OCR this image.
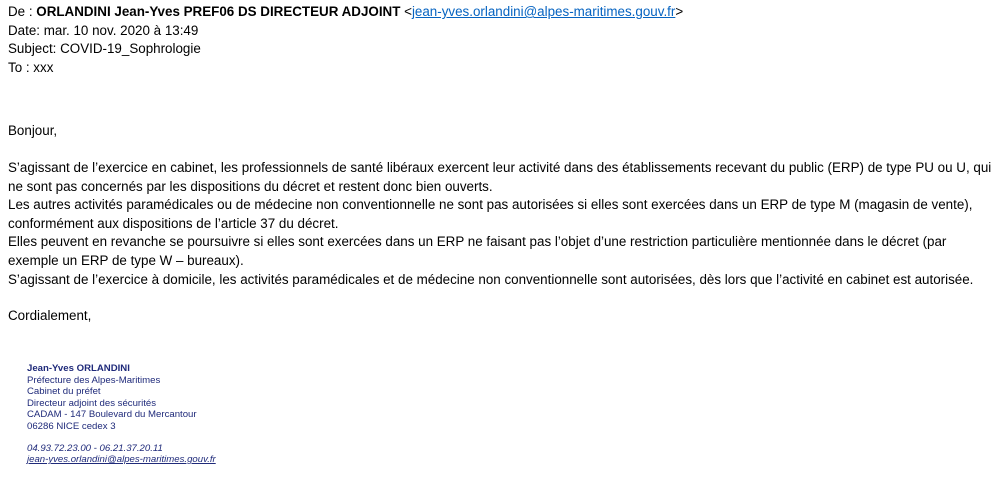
De : ORLANDINI Jean-Yves PREF06 DS DIRECTEUR ADJOINT <jean-yves.orlandini@alpes-maritimes.gouv.fr>
Date: mar. 10 nov. 2020 à 13:49
Subject: COVID-19_Sophrologie
To : xxx
Bonjour,

S’agissant de l’exercice en cabinet, les professionnels de santé libéraux exercent leur activité dans des établissements recevant du public (ERP) de type PU ou U, qui ne sont pas concernés par les dispositions du décret et restent donc bien ouverts.

Les autres activités paramédicales ou de médecine non conventionnelle ne sont pas autorisées si elles sont exercées dans un ERP de type M (magasin de vente), conformément aux dispositions de l’article 37 du décret.

Elles peuvent en revanche se poursuivre si elles sont exercées dans un ERP ne faisant pas l’objet d’une restriction particulière mentionnée dans le décret (par exemple un ERP de type W – bureaux).

S’agissant de l’exercice à domicile, les activités paramédicales et de médecine non conventionnelle sont autorisées, dès lors que l’activité en cabinet est autorisée.

Cordialement,
Jean-Yves ORLANDINI
Préfecture des Alpes-Maritimes
Cabinet du préfet
Directeur adjoint des sécurités
CADAM - 147 Boulevard du Mercantour
06286 NICE cedex 3
04.93.72.23.00 - 06.21.37.20.11
jean-yves.orlandini@alpes-maritimes.gouv.fr
